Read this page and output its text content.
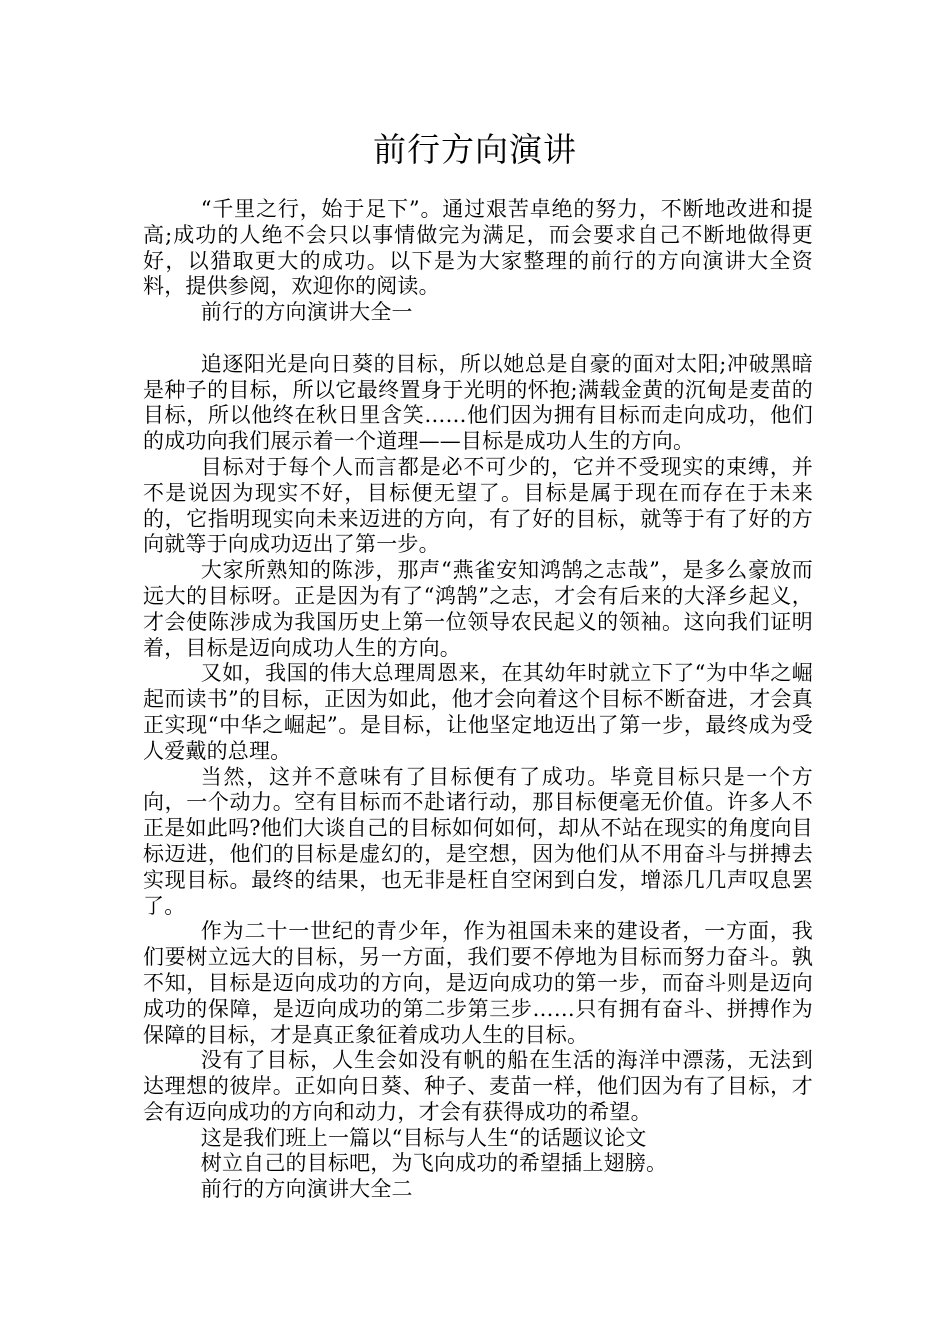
前行方向演讲

“千里之行，始于足下”。通过艰苦卓绝的努力，不断地改进和提高;成功的人绝不会只以事情做完为满足，而会要求自己不断地做得更好，以猎取更大的成功。以下是为大家整理的前行的方向演讲大全资料，提供参阅，欢迎你的阅读。

前行的方向演讲大全一

追逐阳光是向日葵的目标，所以她总是自豪的面对太阳;冲破黑暗是种子的目标，所以它最终置身于光明的怀抱;满载金黄的沉甸是麦苗的目标，所以他终在秋日里含笑……他们因为拥有目标而走向成功，他们的成功向我们展示着一个道理——目标是成功人生的方向。

目标对于每个人而言都是必不可少的，它并不受现实的束缚，并不是说因为现实不好，目标便无望了。目标是属于现在而存在于未来的，它指明现实向未来迈进的方向，有了好的目标，就等于有了好的方向就等于向成功迈出了第一步。

大家所熟知的陈涉，那声“燕雀安知鸿鹄之志哉”，是多么豪放而远大的目标呀。正是因为有了“鸿鹄”之志，才会有后来的大泽乡起义，才会使陈涉成为我国历史上第一位领导农民起义的领袖。这向我们证明着，目标是迈向成功人生的方向。

又如，我国的伟大总理周恩来，在其幼年时就立下了“为中华之崛起而读书”的目标，正因为如此，他才会向着这个目标不断奋进，才会真正实现“中华之崛起”。是目标，让他坚定地迈出了第一步，最终成为受人爱戴的总理。

当然，这并不意味有了目标便有了成功。毕竟目标只是一个方向，一个动力。空有目标而不赴诸行动，那目标便毫无价值。许多人不正是如此吗?他们大谈自己的目标如何如何，却从不站在现实的角度向目标迈进，他们的目标是虚幻的，是空想，因为他们从不用奋斗与拼搏去实现目标。最终的结果，也无非是枉自空闲到白发，增添几几声叹息罢了。

作为二十一世纪的青少年，作为祖国未来的建设者，一方面，我们要树立远大的目标，另一方面，我们要不停地为目标而努力奋斗。孰不知，目标是迈向成功的方向，是迈向成功的第一步，而奋斗则是迈向成功的保障，是迈向成功的第二步第三步……只有拥有奋斗、拼搏作为保障的目标，才是真正象征着成功人生的目标。

没有了目标，人生会如没有帆的船在生活的海洋中漂荡，无法到达理想的彼岸。正如向日葵、种子、麦苗一样，他们因为有了目标，才会有迈向成功的方向和动力，才会有获得成功的希望。

这是我们班上一篇以“目标与人生“的话题议论文

树立自己的目标吧，为飞向成功的希望插上翅膀。

前行的方向演讲大全二
